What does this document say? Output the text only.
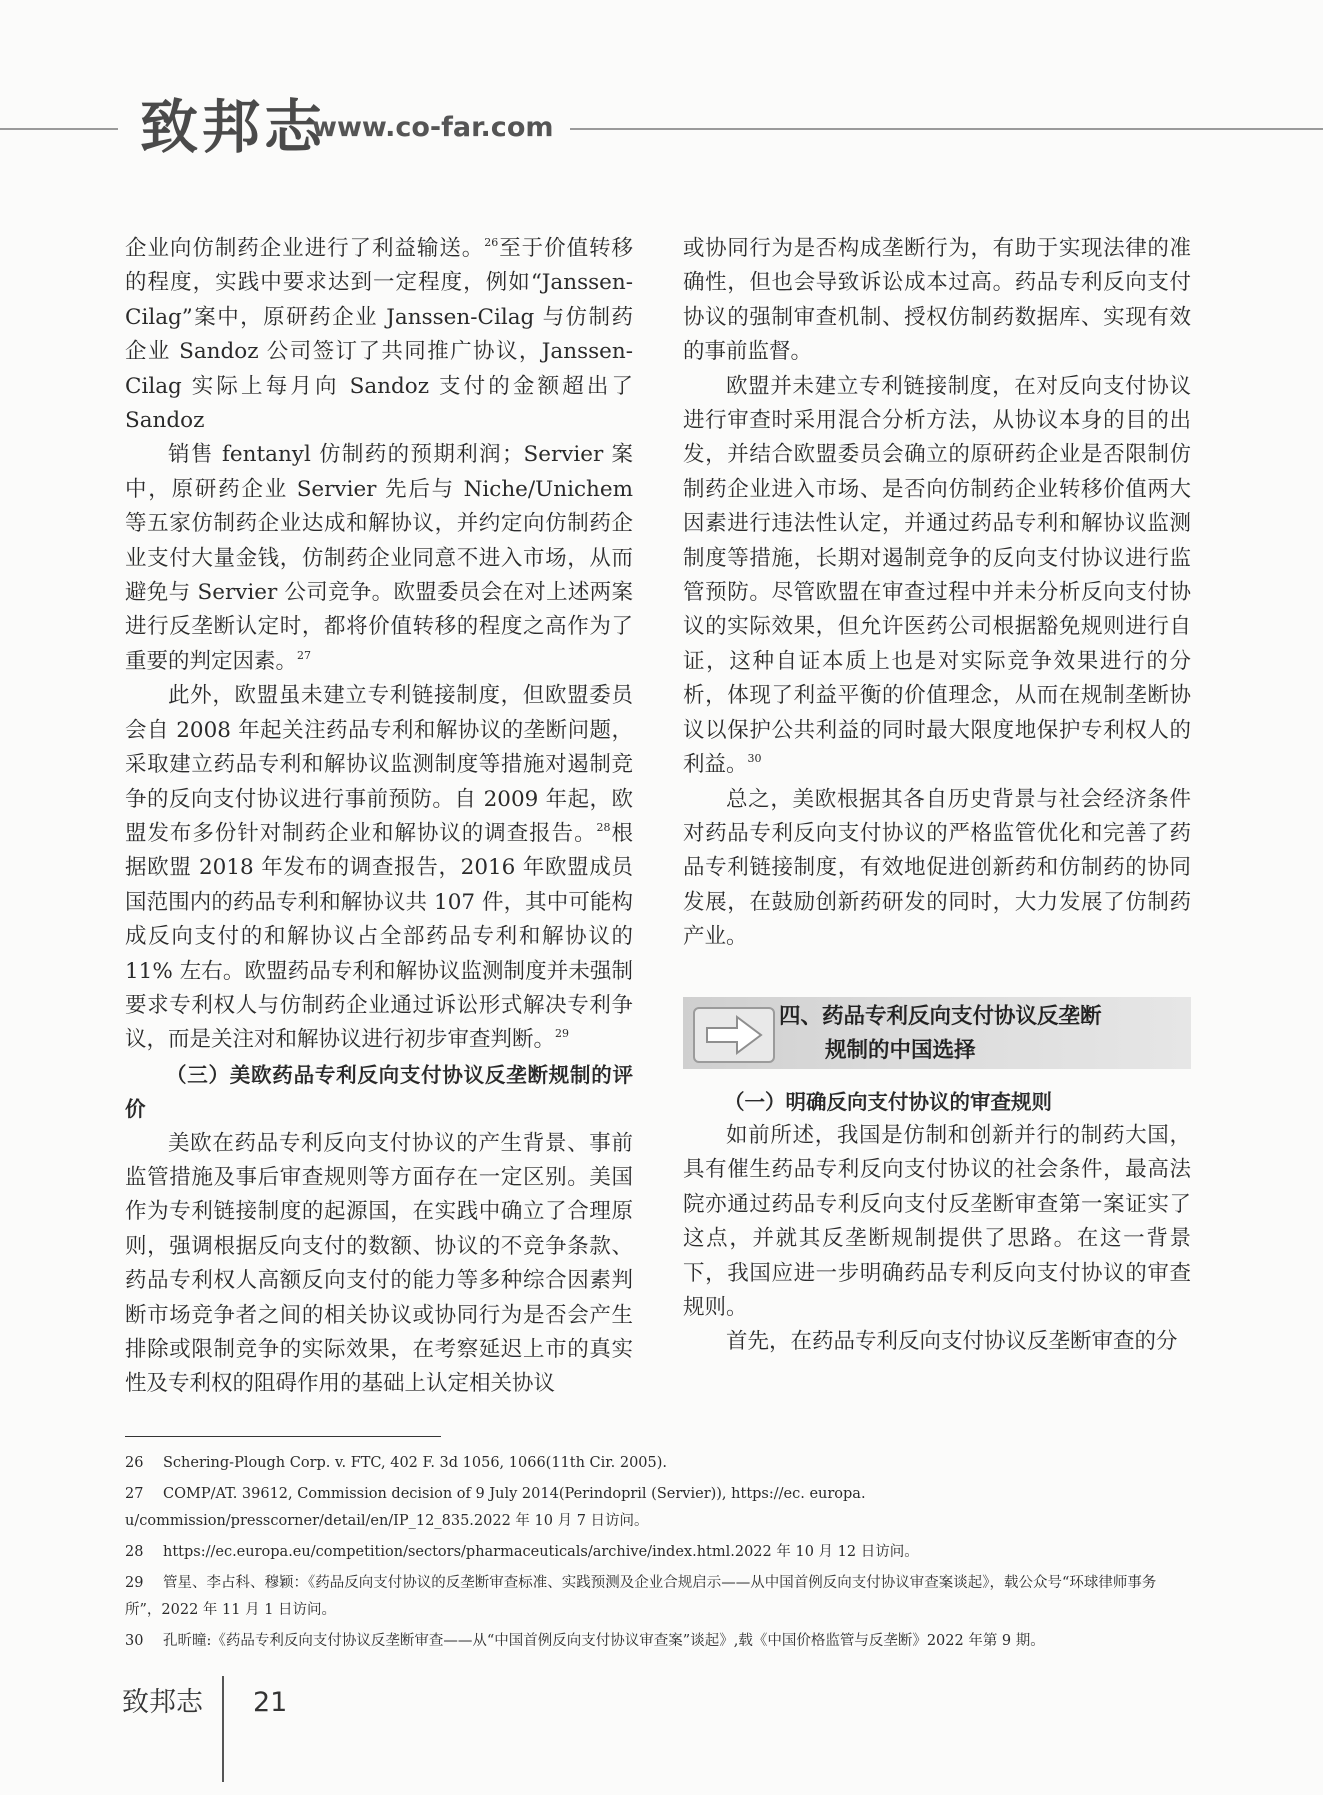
致邦志
www.co-far.com

企业向仿制药企业进行了利益输送。$^{26}$至于价值转移的程度，实践中要求达到一定程度，例如“Janssen-Cilag”案中，原研药企业 Janssen-Cilag 与仿制药企业 Sandoz 公司签订了共同推广协议，Janssen-Cilag 实际上每月向 Sandoz 支付的金额超出了 Sandoz

销售 fentanyl 仿制药的预期利润；Servier 案中，原研药企业 Servier 先后与 Niche/Unichem 等五家仿制药企业达成和解协议，并约定向仿制药企业支付大量金钱，仿制药企业同意不进入市场，从而避免与 Servier 公司竞争。欧盟委员会在对上述两案进行反垄断认定时，都将价值转移的程度之高作为了重要的判定因素。$^{27}$

此外，欧盟虽未建立专利链接制度，但欧盟委员会自 2008 年起关注药品专利和解协议的垄断问题，采取建立药品专利和解协议监测制度等措施对遏制竞争的反向支付协议进行事前预防。自 2009 年起，欧盟发布多份针对制药企业和解协议的调查报告。$^{28}$根据欧盟 2018 年发布的调查报告，2016 年欧盟成员国范围内的药品专利和解协议共 107 件，其中可能构成反向支付的和解协议占全部药品专利和解协议的 11% 左右。欧盟药品专利和解协议监测制度并未强制要求专利权人与仿制药企业通过诉讼形式解决专利争议，而是关注对和解协议进行初步审查判断。$^{29}$

（三）美欧药品专利反向支付协议反垄断规制的评价

美欧在药品专利反向支付协议的产生背景、事前监管措施及事后审查规则等方面存在一定区别。美国作为专利链接制度的起源国，在实践中确立了合理原则，强调根据反向支付的数额、协议的不竞争条款、药品专利权人高额反向支付的能力等多种综合因素判断市场竞争者之间的相关协议或协同行为是否会产生排除或限制竞争的实际效果，在考察延迟上市的真实性及专利权的阻碍作用的基础上认定相关协议

或协同行为是否构成垄断行为，有助于实现法律的准确性，但也会导致诉讼成本过高。药品专利反向支付协议的强制审查机制、授权仿制药数据库、实现有效的事前监督。

欧盟并未建立专利链接制度，在对反向支付协议进行审查时采用混合分析方法，从协议本身的目的出发，并结合欧盟委员会确立的原研药企业是否限制仿制药企业进入市场、是否向仿制药企业转移价值两大因素进行违法性认定，并通过药品专利和解协议监测制度等措施，长期对遏制竞争的反向支付协议进行监管预防。尽管欧盟在审查过程中并未分析反向支付协议的实际效果，但允许医药公司根据豁免规则进行自证，这种自证本质上也是对实际竞争效果进行的分析，体现了利益平衡的价值理念，从而在规制垄断协议以保护公共利益的同时最大限度地保护专利权人的利益。$^{30}$

总之，美欧根据其各自历史背景与社会经济条件对药品专利反向支付协议的严格监管优化和完善了药品专利链接制度，有效地促进创新药和仿制药的协同发展，在鼓励创新药研发的同时，大力发展了仿制药产业。

四、药品专利反向支付协议反垄断
规制的中国选择

（一）明确反向支付协议的审查规则

如前所述，我国是仿制和创新并行的制药大国，具有催生药品专利反向支付协议的社会条件，最高法院亦通过药品专利反向支付反垄断审查第一案证实了这点，并就其反垄断规制提供了思路。在这一背景下，我国应进一步明确药品专利反向支付协议的审查规则。

首先，在药品专利反向支付协议反垄断审查的分

26 Schering-Plough Corp. v. FTC, 402 F. 3d 1056, 1066(11th Cir. 2005).

27 COMP/AT. 39612, Commission decision of 9 July 2014(Perindopril (Servier)), https://ec. europa. u/commission/presscorner/detail/en/IP_12_835.2022 年 10 月 7 日访问。

28 https://ec.europa.eu/competition/sectors/pharmaceuticals/archive/index.html.2022 年 10 月 12 日访问。

29 管星、李占科、穆颖：《药品反向支付协议的反垄断审查标准、实践预测及企业合规启示——从中国首例反向支付协议审查案谈起》，载公众号“环球律师事务所”，2022 年 11 月 1 日访问。

30 孔昕曈:《药品专利反向支付协议反垄断审查——从“中国首例反向支付协议审查案”谈起》,载《中国价格监管与反垄断》2022 年第 9 期。

致邦志 21
